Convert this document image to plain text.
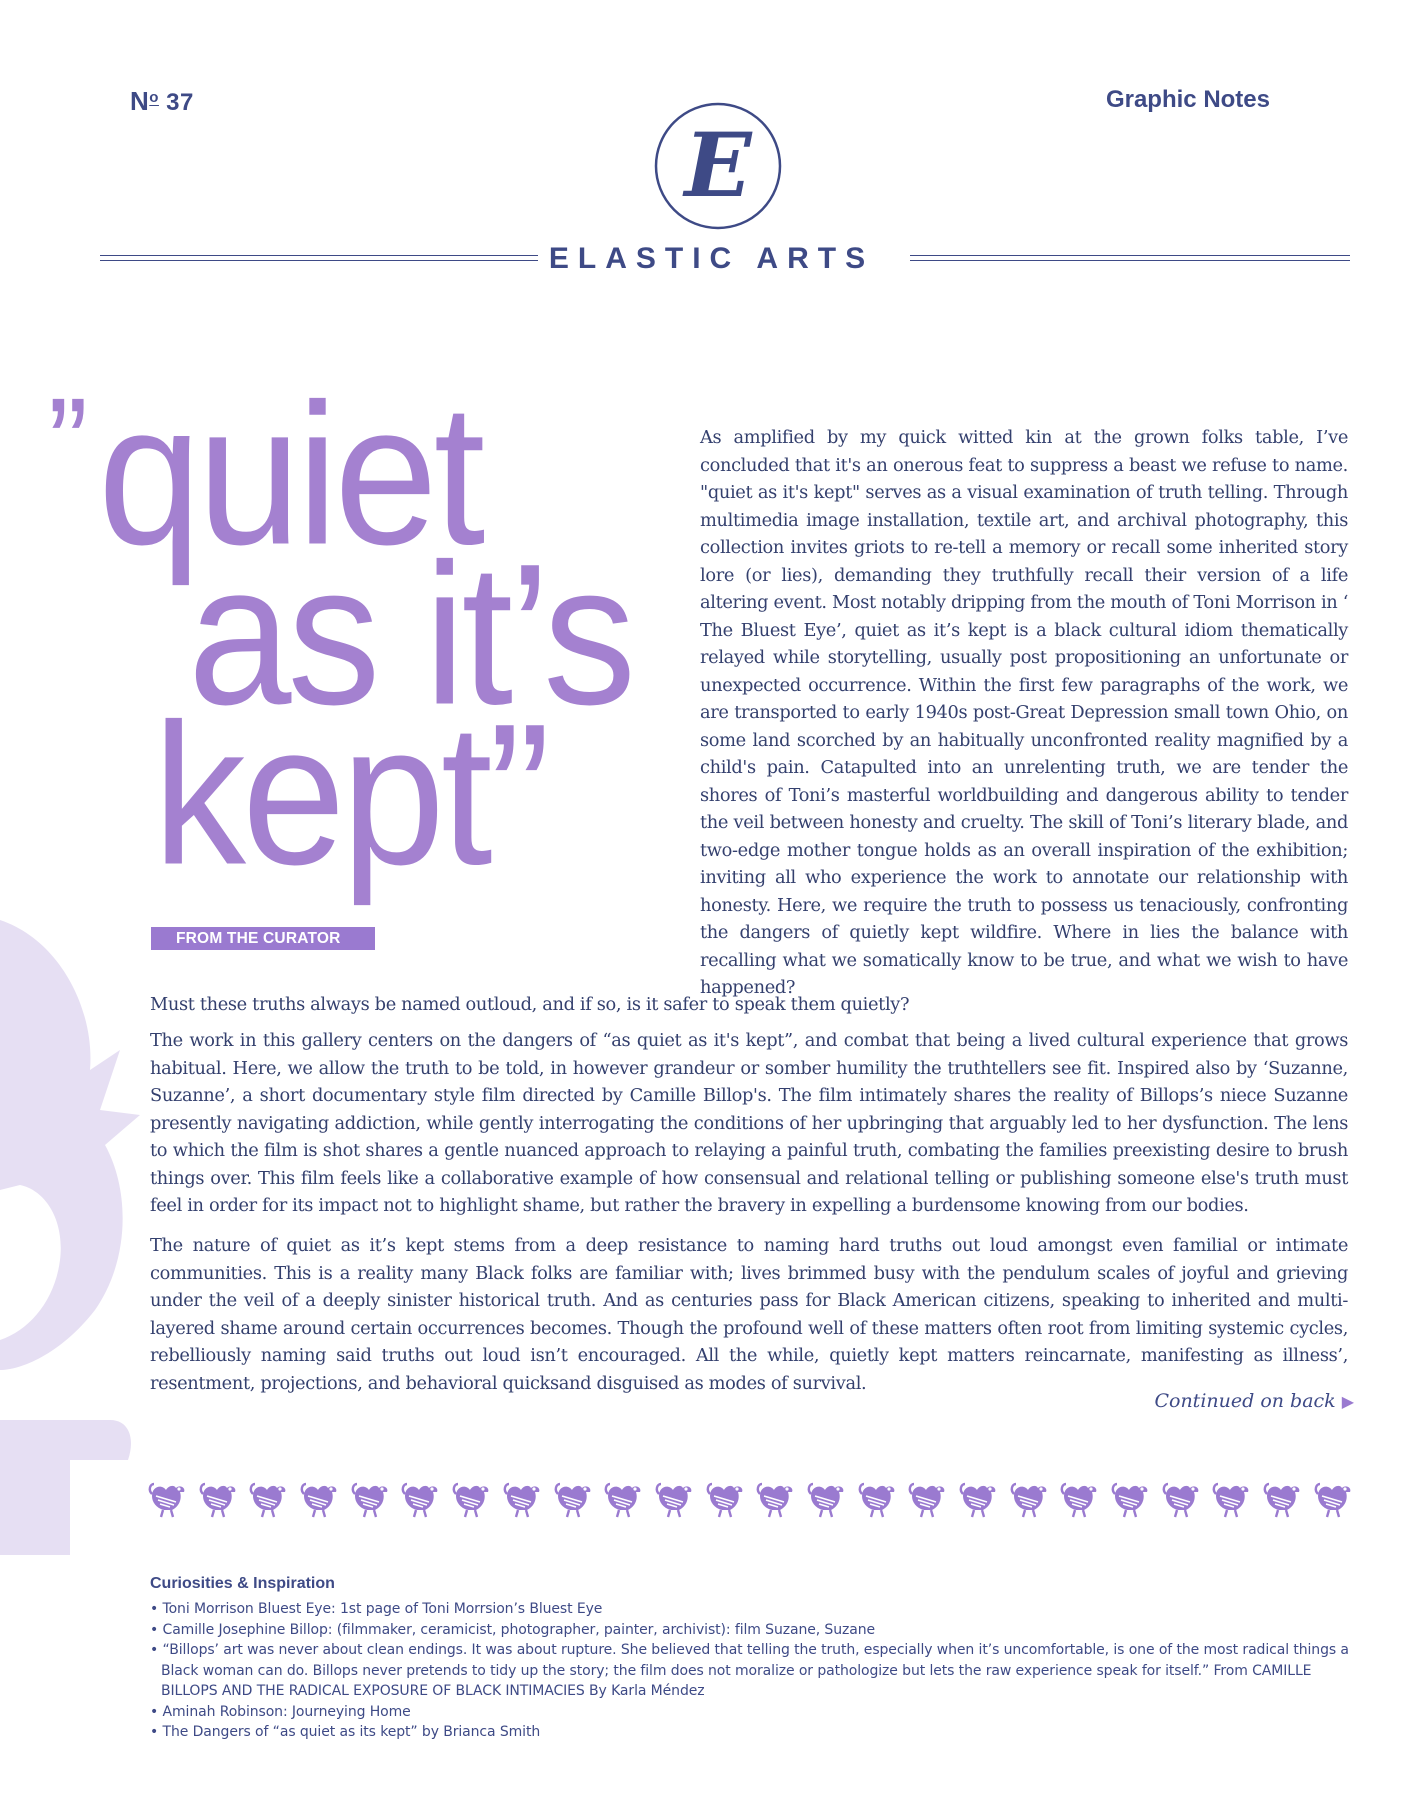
$N^o$ 37	Graphic Notes
E
ELASTIC ARTS
” quiet
as it’s
kept”
FROM THE CURATOR

As amplified by my quick witted kin at the grown folks table, I’ve concluded that it's an onerous feat to suppress a beast we refuse to name. "quiet as it's kept" serves as a visual examination of truth telling. Through multimedia image installation, textile art, and archival photography, this collection invites griots to re-tell a memory or recall some inherited story lore (or lies), demanding they truthfully recall their version of a life altering event. Most notably dripping from the mouth of Toni Morrison in ‘ The Bluest Eye’, quiet as it’s kept is a black cultural idiom thematically relayed while storytelling, usually post propositioning an unfortunate or unexpected occurrence. Within the first few paragraphs of the work, we are transported to early 1940s post-Great Depression small town Ohio, on some land scorched by an habitually unconfronted reality magnified by a child's pain. Catapulted into an unrelenting truth, we are tender the shores of Toni’s masterful worldbuilding and dangerous ability to tender the veil between honesty and cruelty. The skill of Toni’s literary blade, and two-edge mother tongue holds as an overall inspiration of the exhibition; inviting all who experience the work to annotate our relationship with honesty. Here, we require the truth to possess us tenaciously, confronting the dangers of quietly kept wildfire. Where in lies the balance with recalling what we somatically know to be true, and what we wish to have happened?

Must these truths always be named outloud, and if so, is it safer to speak them quietly?

The work in this gallery centers on the dangers of “as quiet as it's kept”, and combat that being a lived cultural experience that grows habitual. Here, we allow the truth to be told, in however grandeur or somber humility the truthtellers see fit. Inspired also by ‘Suzanne, Suzanne’, a short documentary style film directed by Camille Billop's. The film intimately shares the reality of Billops’s niece Suzanne presently navigating addiction, while gently interrogating the conditions of her upbringing that arguably led to her dysfunction. The lens to which the film is shot shares a gentle nuanced approach to relaying a painful truth, combating the families preexisting desire to brush things over. This film feels like a collaborative example of how consensual and relational telling or publishing someone else's truth must feel in order for its impact not to highlight shame, but rather the bravery in expelling a burdensome knowing from our bodies.

The nature of quiet as it’s kept stems from a deep resistance to naming hard truths out loud amongst even familial or intimate communities. This is a reality many Black folks are familiar with; lives brimmed busy with the pendulum scales of joyful and grieving under the veil of a deeply sinister historical truth. And as centuries pass for Black American citizens, speaking to inherited and multi-layered shame around certain occurrences becomes. Though the profound well of these matters often root from limiting systemic cycles, rebelliously naming said truths out loud isn’t encouraged. All the while, quietly kept matters reincarnate, manifesting as illness’, resentment, projections, and behavioral quicksand disguised as modes of survival.

Continued on back ▶
Curiosities & Inspiration
• Toni Morrison Bluest Eye: 1st page of Toni Morrsion’s Bluest Eye
• Camille Josephine Billop: (filmmaker, ceramicist, photographer, painter, archivist): film Suzane, Suzane
• “Billops’ art was never about clean endings. It was about rupture. She believed that telling the truth, especially when it’s uncomfortable, is one of the most radical things a Black woman can do. Billops never pretends to tidy up the story; the film does not moralize or pathologize but lets the raw experience speak for itself.” From CAMILLE BILLOPS AND THE RADICAL EXPOSURE OF BLACK INTIMACIES By Karla Méndez
• Aminah Robinson: Journeying Home
• The Dangers of “as quiet as its kept” by Brianca Smith
